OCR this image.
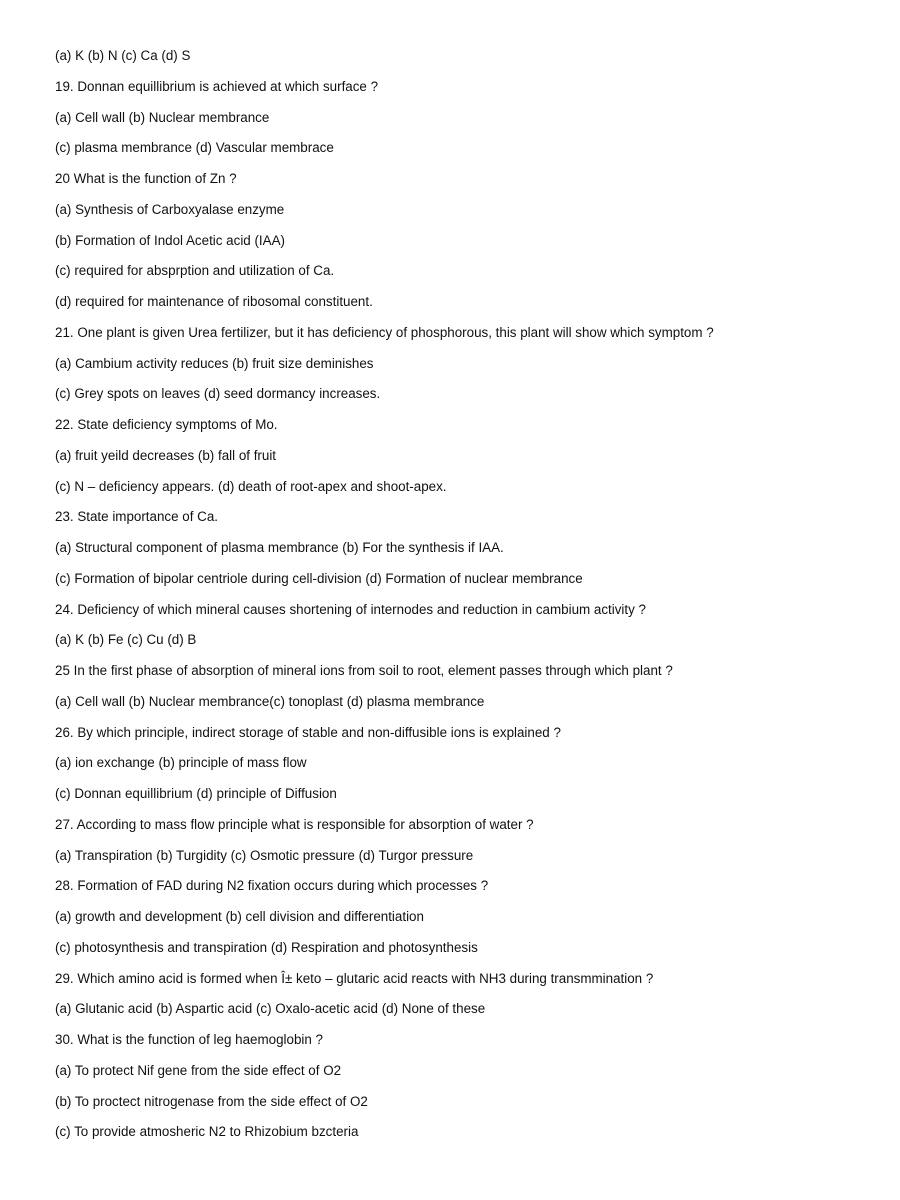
(a) K (b) N (c) Ca (d) S
19. Donnan equillibrium is achieved at which surface ?
(a) Cell wall (b) Nuclear membrance
(c) plasma membrance (d) Vascular membrace
20 What is the function of Zn ?
(a) Synthesis of Carboxyalase enzyme
(b) Formation of Indol Acetic acid (IAA)
(c) required for absprption and utilization of Ca.
(d) required for maintenance of ribosomal constituent.
21. One plant is given Urea fertilizer, but it has deficiency of phosphorous, this plant will show which symptom ?
(a) Cambium activity reduces (b) fruit size deminishes
(c) Grey spots on leaves (d) seed dormancy increases.
22. State deficiency symptoms of Mo.
(a) fruit yeild decreases (b) fall of fruit
(c) N – deficiency appears. (d) death of root-apex and shoot-apex.
23. State importance of Ca.
(a) Structural component of plasma membrance (b) For the synthesis if IAA.
(c) Formation of bipolar centriole during cell-division (d) Formation of nuclear membrance
24. Deficiency of which mineral causes shortening of internodes and reduction in cambium activity ?
(a) K (b) Fe (c) Cu (d) B
25 In the first phase of absorption of mineral ions from soil to root, element passes through which plant ?
(a) Cell wall (b) Nuclear membrance(c) tonoplast (d) plasma membrance
26. By which principle, indirect storage of stable and non-diffusible ions is explained ?
(a) ion exchange (b) principle of mass flow
(c) Donnan equillibrium (d) principle of Diffusion
27. According to mass flow principle what is responsible for absorption of water ?
(a) Transpiration (b) Turgidity (c) Osmotic pressure (d) Turgor pressure
28. Formation of FAD during N2 fixation occurs during which processes ?
(a) growth and development (b) cell division and differentiation
(c) photosynthesis and transpiration (d) Respiration and photosynthesis
29. Which amino acid is formed when Î± keto – glutaric acid reacts with NH3 during transmmination ?
(a) Glutanic acid (b) Aspartic acid (c) Oxalo-acetic acid (d) None of these
30. What is the function of leg haemoglobin ?
(a) To protect Nif gene from the side effect of O2
(b) To proctect nitrogenase from the side effect of O2
(c) To provide atmosheric N2 to Rhizobium bzcteria
